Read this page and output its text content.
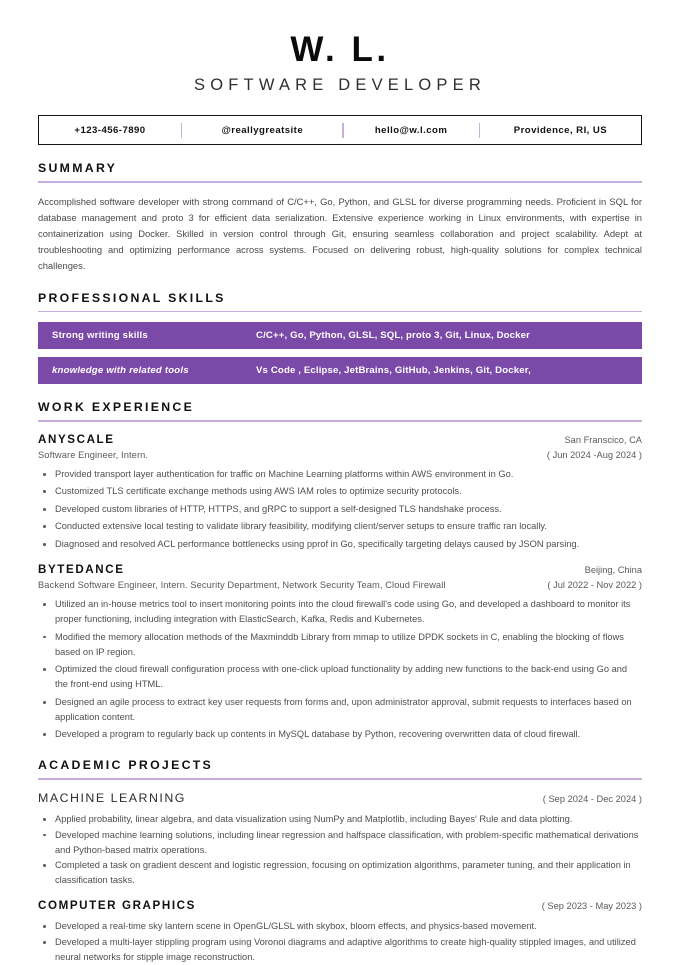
W. L.
SOFTWARE DEVELOPER
+123-456-7890	@reallygreatsite	hello@w.l.com	Providence, RI, US
SUMMARY
Accomplished software developer with strong command of C/C++, Go, Python, and GLSL for diverse programming needs. Proficient in SQL for database management and proto 3 for efficient data serialization. Extensive experience working in Linux environments, with expertise in containerization using Docker. Skilled in version control through Git, ensuring seamless collaboration and project scalability. Adept at troubleshooting and optimizing performance across systems. Focused on delivering robust, high-quality solutions for complex technical challenges.
PROFESSIONAL SKILLS
Strong writing skills	C/C++, Go, Python, GLSL, SQL, proto 3, Git, Linux, Docker
knowledge with related tools	Vs Code , Eclipse, JetBrains, GitHub, Jenkins, Git, Docker,
WORK EXPERIENCE
ANYSCALE	San Franscico, CA
Software Engineer, Intern.	( Jun 2024 -Aug 2024 )
Provided transport layer authentication for traffic on Machine Learning platforms within AWS environment in Go.
Customized TLS certificate exchange methods using AWS IAM roles to optimize security protocols.
Developed custom libraries of HTTP, HTTPS, and gRPC to support a self-designed TLS handshake process.
Conducted extensive local testing to validate library feasibility, modifying client/server setups to ensure traffic ran locally.
Diagnosed and resolved ACL performance bottlenecks using pprof in Go, specifically targeting delays caused by JSON parsing.
BYTEDANCE	Beijing, China
Backend Software Engineer, Intern. Security Department, Network Security Team, Cloud Firewall	( Jul 2022 - Nov 2022 )
Utilized an in-house metrics tool to insert monitoring points into the cloud firewall's code using Go, and developed a dashboard to monitor its proper functioning, including integration with ElasticSearch, Kafka, Redis and Kubernetes.
Modified the memory allocation methods of the Maxminddb Library from mmap to utilize DPDK sockets in C, enabling the blocking of flows based on IP region.
Optimized the cloud firewall configuration process with one-click upload functionality by adding new functions to the back-end using Go and the front-end using HTML.
Designed an agile process to extract key user requests from forms and, upon administrator approval, submit requests to interfaces based on application content.
Developed a program to regularly back up contents in MySQL database by Python, recovering overwritten data of cloud firewall.
ACADEMIC PROJECTS
MACHINE LEARNING	( Sep 2024 - Dec 2024 )
Applied probability, linear algebra, and data visualization using NumPy and Matplotlib, including Bayes' Rule and data plotting.
Developed machine learning solutions, including linear regression and halfspace classification, with problem-specific mathematical derivations and Python-based matrix operations.
Completed a task on gradient descent and logistic regression, focusing on optimization algorithms, parameter tuning, and their application in classification tasks.
COMPUTER GRAPHICS	( Sep 2023 - May 2023 )
Developed a real-time sky lantern scene in OpenGL/GLSL with skybox, bloom effects, and physics-based movement.
Developed a multi-layer stippling program using Voronoi diagrams and adaptive algorithms to create high-quality stippled images, and utilized neural networks for stipple image reconstruction.
